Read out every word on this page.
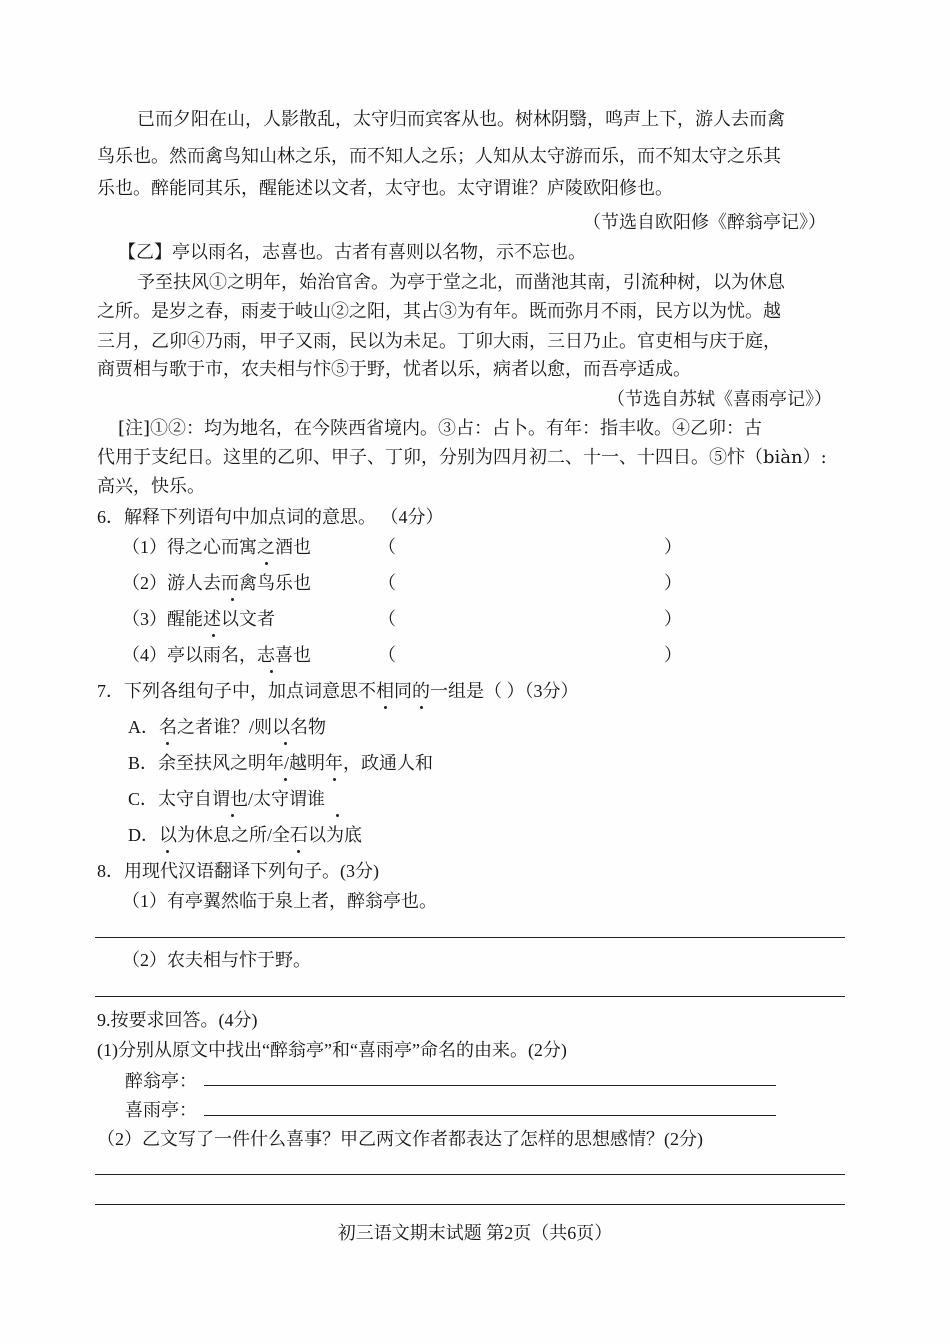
已而夕阳在山，人影散乱，太守归而宾客从也。树林阴翳，鸣声上下，游人去而禽
鸟乐也。然而禽鸟知山林之乐，而不知人之乐；人知从太守游而乐，而不知太守之乐其
乐也。醉能同其乐，醒能述以文者，太守也。太守谓谁？庐陵欧阳修也。
（节选自欧阳修《醉翁亭记》）
【乙】亭以雨名，志喜也。古者有喜则以名物，示不忘也。
予至扶风①之明年，始治官舍。为亭于堂之北，而凿池其南，引流种树，以为休息
之所。是岁之春，雨麦于岐山②之阳，其占③为有年。既而弥月不雨，民方以为忧。越
三月，乙卯④乃雨，甲子又雨，民以为未足。丁卯大雨，三日乃止。官吏相与庆于庭，
商贾相与歌于市，农夫相与忭⑤于野，忧者以乐，病者以愈，而吾亭适成。
（节选自苏轼《喜雨亭记》）
[注]①②：均为地名，在今陕西省境内。③占：占卜。有年：指丰收。④乙卯：古
代用于支纪日。这里的乙卯、甲子、丁卯，分别为四月初二、十一、十四日。⑤忭（biàn）:
高兴，快乐。
6．解释下列语句中加点词的意思。 （4分）
（1）得之心而寓之酒也	（	）
（2）游人去而禽鸟乐也	（	）
（3）醒能述以文者	（	）
（4）亭以雨名，志喜也	（	）
7．下列各组句子中，加点词意思不相同的一组是（ ）（3分）
A．名之者谁？/则以名物
B．余至扶风之明年/越明年，政通人和
C．太守自谓也/太守谓谁
D．以为休息之所/全石以为底
8．用现代汉语翻译下列句子。(3分)
（1）有亭翼然临于泉上者，醉翁亭也。
（2）农夫相与忭于野。
9.按要求回答。(4分)
(1)分别从原文中找出“醉翁亭”和“喜雨亭”命名的由来。(2分)
醉翁亭：
喜雨亭：
（2）乙文写了一件什么喜事？甲乙两文作者都表达了怎样的思想感情？(2分)
初三语文期末试题 第2页（共6页）
